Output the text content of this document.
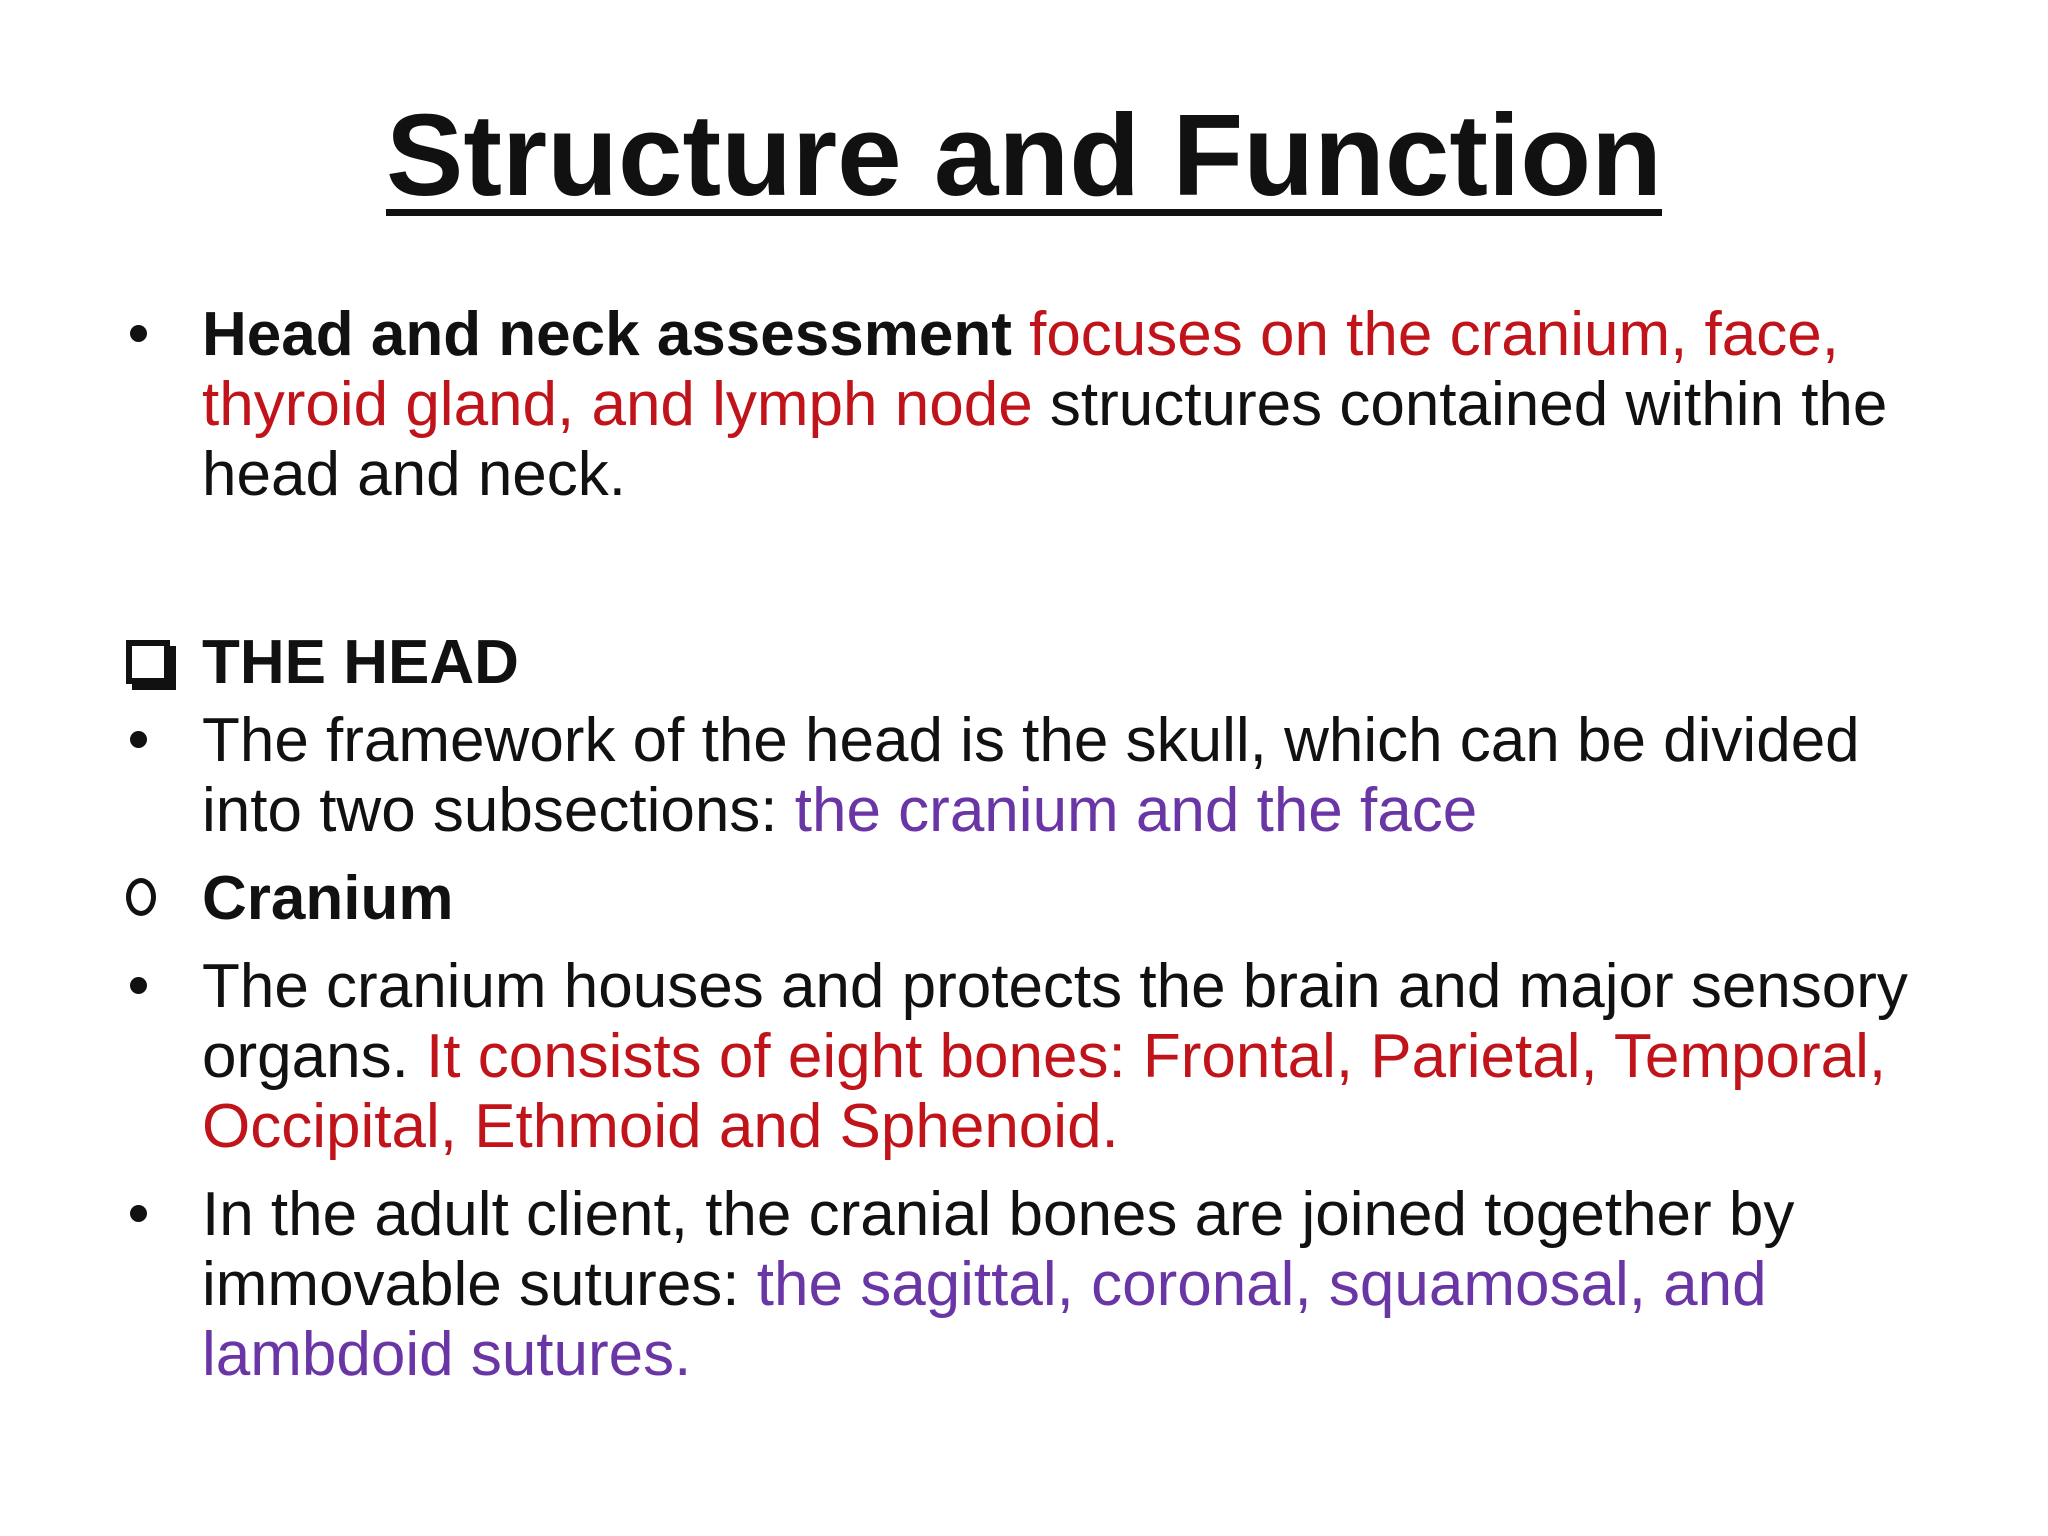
Structure and Function
Head and neck assessment focuses on the cranium, face, thyroid gland, and lymph node structures contained within the head and neck.
THE HEAD
The framework of the head is the skull, which can be divided into two subsections: the cranium and the face
Cranium
The cranium houses and protects the brain and major sensory organs. It consists of eight bones: Frontal, Parietal, Temporal, Occipital, Ethmoid and Sphenoid.
In the adult client, the cranial bones are joined together by immovable sutures: the sagittal, coronal, squamosal, and lambdoid sutures.
